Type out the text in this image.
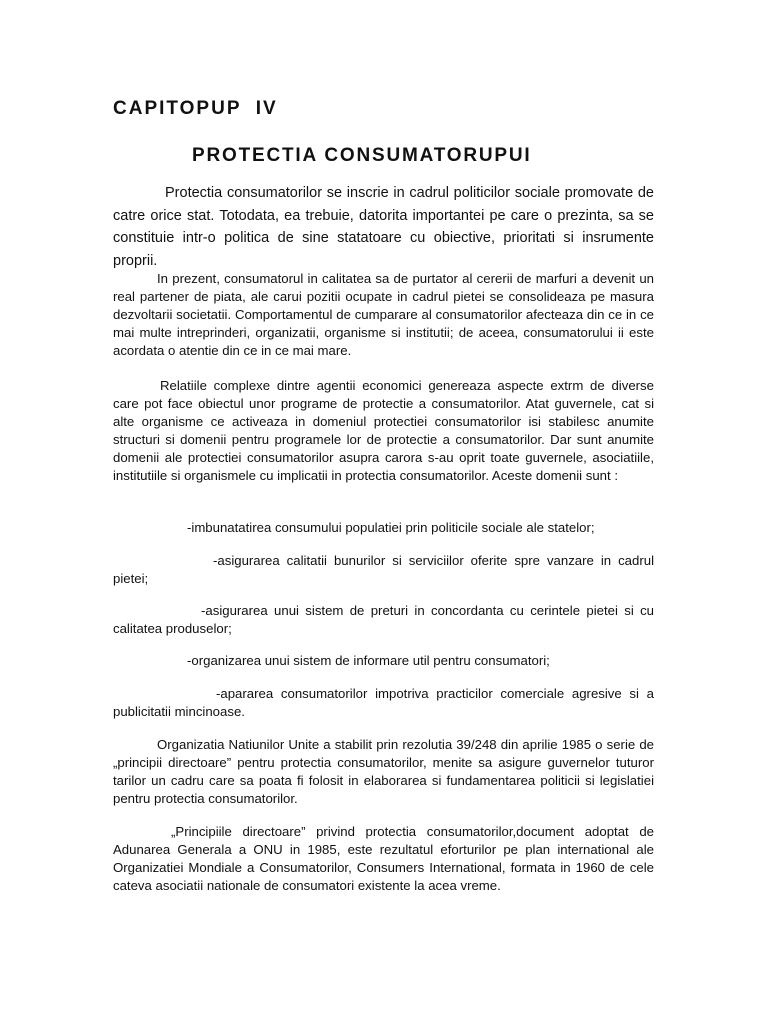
CAPITOPUP  IV
PROTECTIA CONSUMATORUPUI

Protectia consumatorilor se inscrie in cadrul politicilor sociale promovate de catre orice stat. Totodata, ea trebuie, datorita importantei pe care o prezinta, sa se constituie intr-o politica de sine statatoare cu obiective, prioritati si insrumente proprii.

In prezent, consumatorul in calitatea sa de purtator al cererii de marfuri a devenit un real partener de piata, ale carui pozitii ocupate in cadrul pietei se consolideaza pe masura dezvoltarii societatii. Comportamentul de cumparare al consumatorilor afecteaza din ce in ce mai multe intreprinderi, organizatii, organisme si institutii; de aceea, consumatorului ii este acordata o atentie din ce in ce mai mare.

Relatiile complexe dintre agentii economici genereaza aspecte extrm de diverse care pot face obiectul unor programe de protectie a consumatorilor. Atat guvernele, cat si alte organisme ce activeaza in domeniul protectiei consumatorilor isi stabilesc anumite structuri si domenii pentru programele lor de protectie a consumatorilor. Dar sunt anumite domenii ale protectiei consumatorilor asupra carora s-au oprit toate guvernele, asociatiile, institutiile si organismele cu implicatii in protectia consumatorilor. Aceste domenii sunt :

-imbunatatirea consumului populatiei prin politicile sociale ale statelor;

-asigurarea calitatii bunurilor si serviciilor oferite spre vanzare in cadrul pietei;

-asigurarea unui sistem de preturi in concordanta cu cerintele pietei si cu calitatea produselor;

-organizarea unui sistem de informare util pentru consumatori;

-apararea consumatorilor impotriva practicilor comerciale agresive si a publicitatii mincinoase.

Organizatia Natiunilor Unite a stabilit prin rezolutia 39/248 din aprilie 1985 o serie de „principii directoare” pentru protectia consumatorilor, menite sa asigure guvernelor tuturor tarilor un cadru care sa poata fi folosit in elaborarea si fundamentarea politicii si legislatiei pentru protectia consumatorilor.

„Principiile directoare” privind protectia consumatorilor,document adoptat de Adunarea Generala a ONU in 1985, este rezultatul eforturilor pe plan international ale Organizatiei Mondiale a Consumatorilor, Consumers International, formata in 1960 de cele cateva asociatii nationale de consumatori existente la acea vreme.
